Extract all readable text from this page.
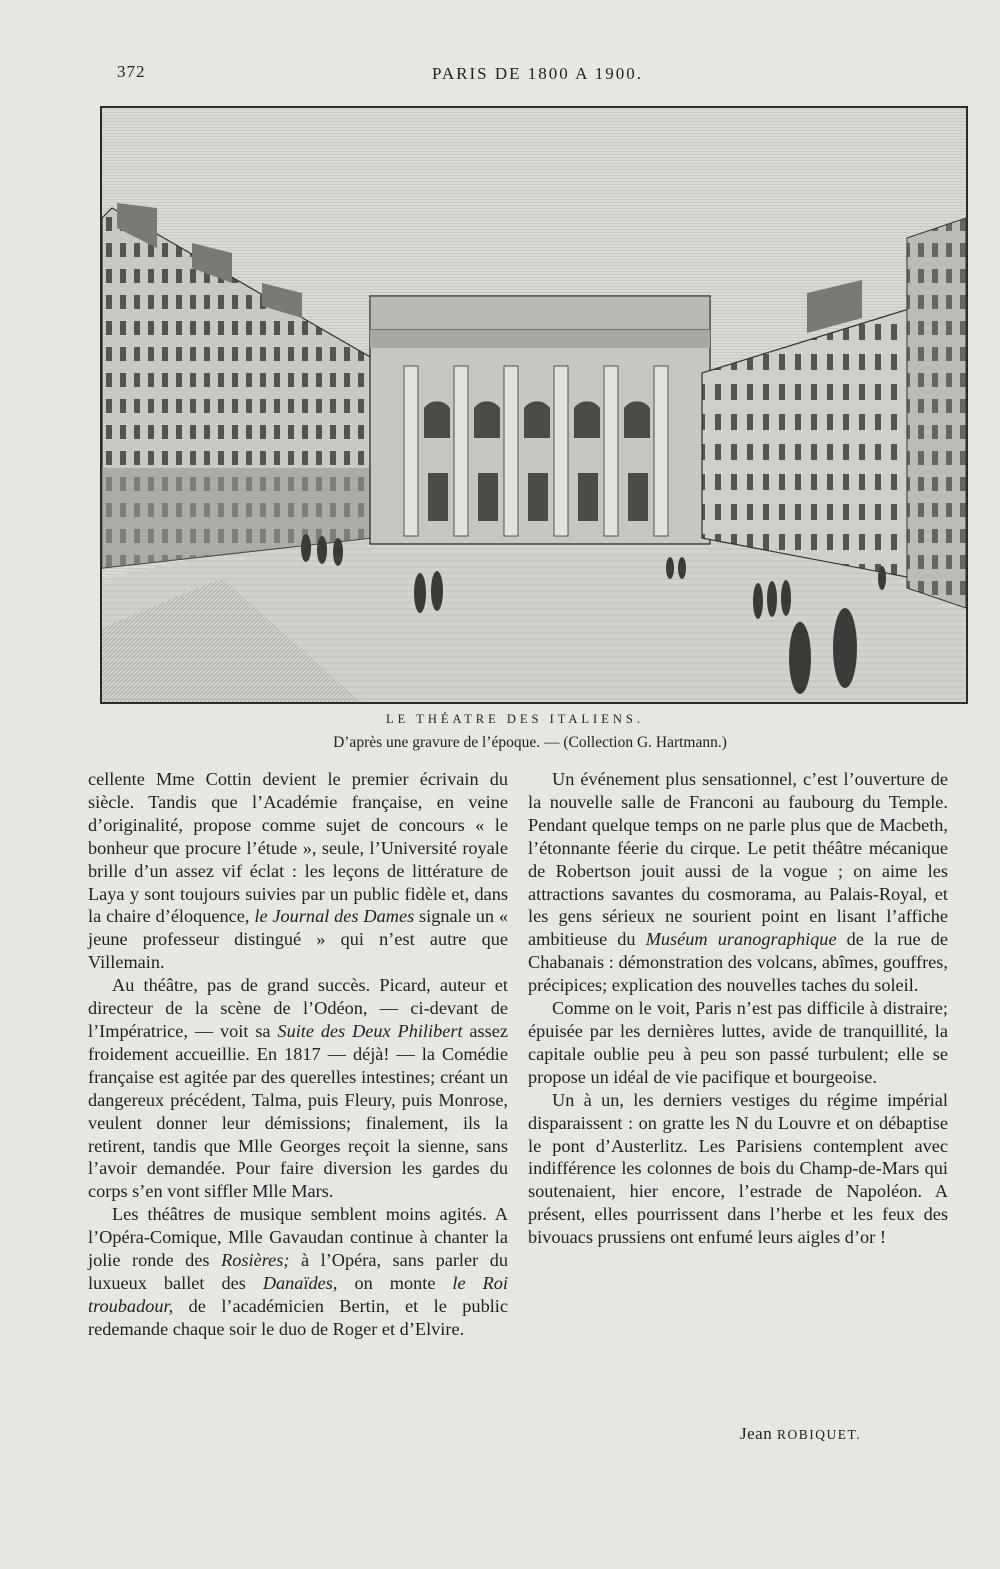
372	PARIS DE 1800 A 1900.
LE THÉATRE DES ITALIENS.
D’après une gravure de l’époque. — (Collection G. Hartmann.)

cellente Mme Cottin devient le premier écrivain du siècle. Tandis que l’Académie française, en veine d’originalité, propose comme sujet de concours « le bonheur que procure l’étude », seule, l’Université royale brille d’un assez vif éclat : les leçons de littérature de Laya y sont toujours suivies par un public fidèle et, dans la chaire d’éloquence, le Journal des Dames signale un « jeune professeur distingué » qui n’est autre que Villemain.

Au théâtre, pas de grand succès. Picard, auteur et directeur de la scène de l’Odéon, — ci-devant de l’Impératrice, — voit sa Suite des Deux Philibert assez froidement accueillie. En 1817 — déjà! — la Comédie française est agitée par des querelles intestines; créant un dangereux précédent, Talma, puis Fleury, puis Monrose, veulent donner leur démissions; finalement, ils la retirent, tandis que Mlle Georges reçoit la sienne, sans l’avoir demandée. Pour faire diversion les gardes du corps s’en vont siffler Mlle Mars.

Les théâtres de musique semblent moins agités. A l’Opéra-Comique, Mlle Gavaudan continue à chanter la jolie ronde des Rosières; à l’Opéra, sans parler du luxueux ballet des Danaïdes, on monte le Roi troubadour, de l’académicien Bertin, et le public redemande chaque soir le duo de Roger et d’Elvire.

Un événement plus sensationnel, c’est l’ouverture de la nouvelle salle de Franconi au faubourg du Temple. Pendant quelque temps on ne parle plus que de Macbeth, l’étonnante féerie du cirque. Le petit théâtre mécanique de Robertson jouit aussi de la vogue ; on aime les attractions savantes du cosmorama, au Palais-Royal, et les gens sérieux ne sourient point en lisant l’affiche ambitieuse du Muséum uranographique de la rue de Chabanais : démonstration des volcans, abîmes, gouffres, précipices; explication des nouvelles taches du soleil.

Comme on le voit, Paris n’est pas difficile à distraire; épuisée par les dernières luttes, avide de tranquillité, la capitale oublie peu à peu son passé turbulent; elle se propose un idéal de vie pacifique et bourgeoise.

Un à un, les derniers vestiges du régime impérial disparaissent : on gratte les N du Louvre et on débaptise le pont d’Austerlitz. Les Parisiens contemplent avec indifférence les colonnes de bois du Champ-de-Mars qui soutenaient, hier encore, l’estrade de Napoléon. A présent, elles pourrissent dans l’herbe et les feux des bivouacs prussiens ont enfumé leurs aigles d’or !

Jean ROBIQUET.
